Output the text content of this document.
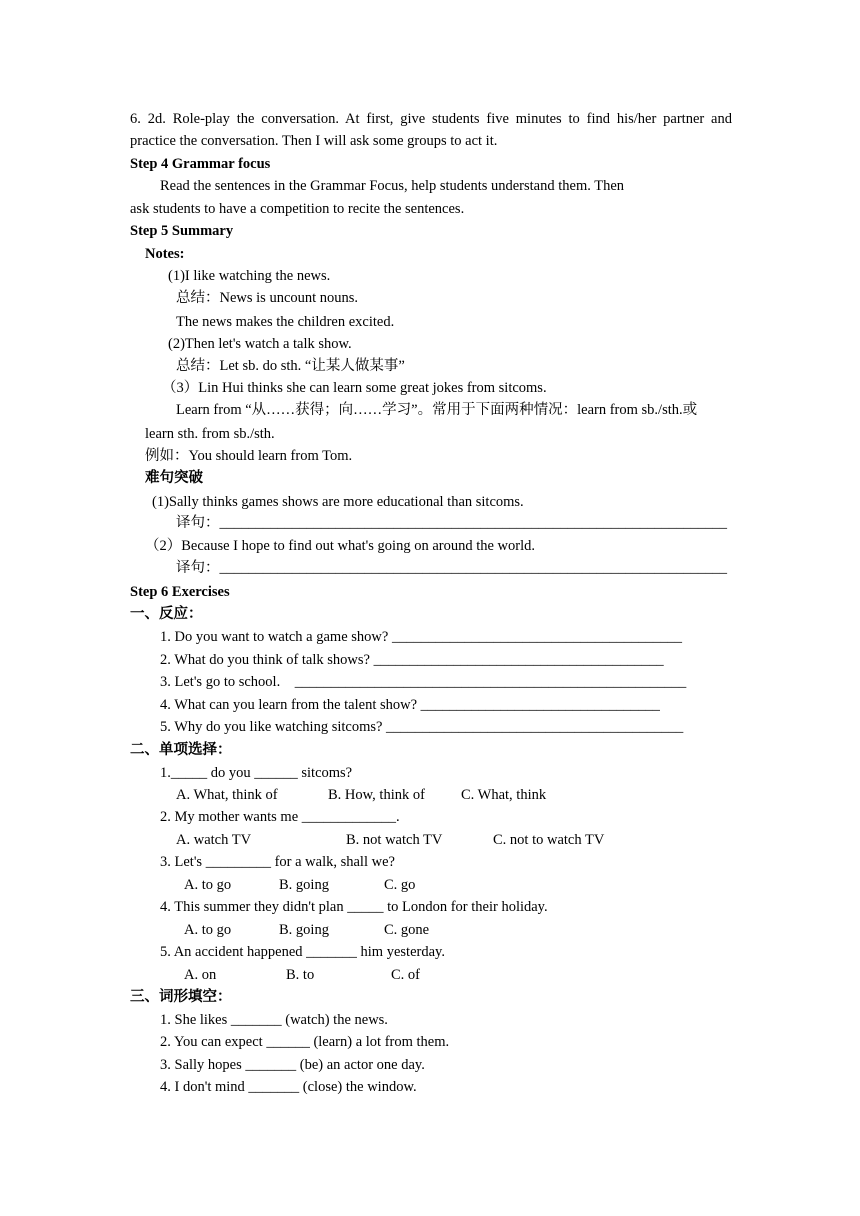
6. 2d. Role-play the conversation. At first, give students five minutes to find his/her partner and
practice the conversation. Then I will ask some groups to act it.
Step 4 Grammar focus
Read the sentences in the Grammar Focus, help students understand them. Then
ask students to have a competition to recite the sentences.
Step 5 Summary
Notes:
(1)I like watching the news.
总结：News is uncount nouns.
The news makes the children excited.
(2)Then let's watch a talk show.
总结：Let sb. do sth. “让某人做某事”
（3）Lin Hui thinks she can learn some great jokes from sitcoms.
Learn from “从……获得；向……学习”。常用于下面两种情况：learn from sb./sth.或
learn sth. from sb./sth.
例如：You should learn from Tom.
难句突破
(1)Sally thinks games shows are more educational than sitcoms.
译句：______________________________________________________________________
（2）Because I hope to find out what's going on around the world.
译句：______________________________________________________________________
Step 6 Exercises
一、反应：
1. Do you want to watch a game show? ________________________________________
2. What do you think of talk shows? ________________________________________
3. Let's go to school.    ______________________________________________________
4. What can you learn from the talent show? _________________________________
5. Why do you like watching sitcoms? _________________________________________
二、单项选择：
1._____ do you ______ sitcoms?
A. What, think of	B. How, think of C. What, think
2. My mother wants me _____________.
A. watch TV	B. not watch TV	C. not to watch TV
3. Let's _________ for a walk, shall we?
A. to go	B. going	C. go
4. This summer they didn't plan _____ to London for their holiday.
A. to go	B. going	C. gone
5. An accident happened _______ him yesterday.
A. on	B. to	C. of
三、词形填空：
1. She likes _______ (watch) the news.
2. You can expect ______ (learn) a lot from them.
3. Sally hopes _______ (be) an actor one day.
4. I don't mind _______ (close) the window.
